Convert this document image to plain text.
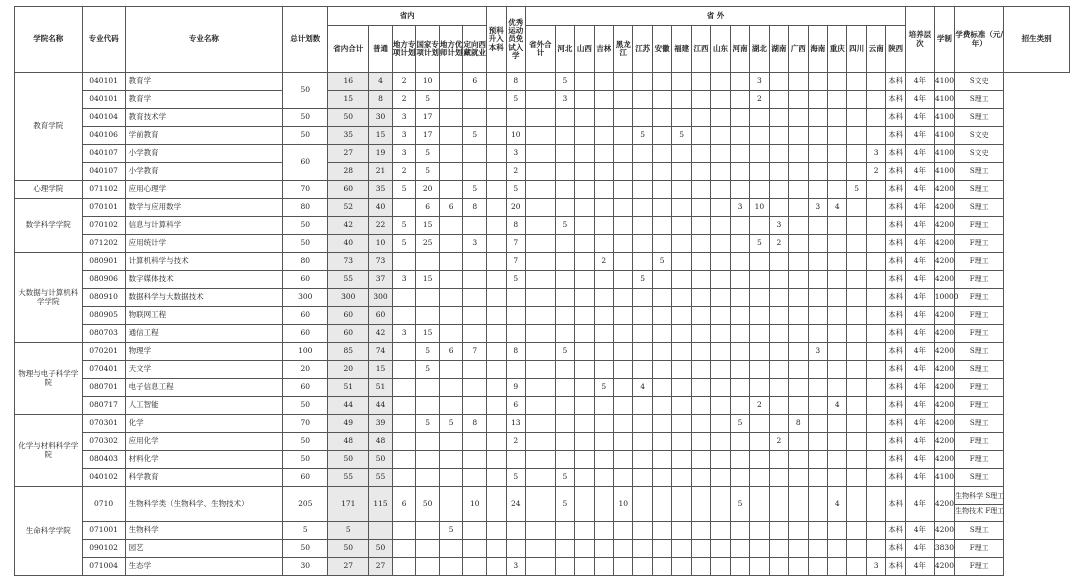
学院名称	专业代码	专业名称	总计划数	省内						预科升入本科	优秀运动员免试入学	省 外																			培养层次	学制	学费标准（元/年）	招生类别
				省内合计	普通	地方专项计划	国家专项计划	地方优师计划	定向西藏就业			省外合计	河北	山西	吉林	黑龙江	江苏	安徽	福建	江西	山东	河南	湖北	湖南	广西	海南	重庆	四川	云南	陕西				
教育学院	040101	教育学	50	16	4	2	10		6		8		5										3							本科	4年	4100	S文史	

	040101	教育学		15	8	2	5				5		3										2							本科	4年	4100	S理工	

	040104	教育技术学	50	50	30	3	17																							本科	4年	4100	S理工	

	040106	学前教育	50	35	15	3	17		5		10						5		5											本科	4年	4100	S文史	

	040107	小学教育	60	27	19	3	5				3																		3	本科	4年	4100	S文史	

	040107	小学教育		28	21	2	5				2																		2	本科	4年	4100	S理工	

心理学院	071102	应用心理学	70	60	35	5	20		5		5																	5		本科	4年	4200	S理工	

数学科学学院	070101	数学与应用数学	80	52	40		6	6	8		20											3	10			3	4			本科	4年	4200	S理工	

	070102	信息与计算科学	50	42	22	5	15				8		5											3						本科	4年	4200	F理工	

	071202	应用统计学	50	40	10	5	25		3		7												5	2						本科	4年	4200	F理工	

大数据与计算机科学学院	080901	计算机科学与技术	80	73	73						7				2			5												本科	4年	4200	F理工	

	080906	数字媒体技术	60	55	37	3	15				5						5													本科	4年	4200	F理工	

	080910	数据科学与大数据技术	300	300	300																									本科	4年	10000	F理工	

	080905	物联网工程	60	60	60																									本科	4年	4200	F理工	

	080703	通信工程	60	60	42	3	15																							本科	4年	4200	F理工	

物理与电子科学学院	070201	物理学	100	85	74		5	6	7		8		5													3				本科	4年	4200	S理工	

	070401	天文学	20	20	15		5																							本科	4年	4200	S理工	

	080701	电子信息工程	60	51	51						9				5		4													本科	4年	4200	F理工	

	080717	人工智能	50	44	44						6												2				4			本科	4年	4200	F理工	

化学与材料科学学院	070301	化学	70	49	39		5	5	8		13											5			8					本科	4年	4200	S理工	

	070302	应用化学	50	48	48						2													2						本科	4年	4200	F理工	

	080403	材料化学	50	50	50																									本科	4年	4200	F理工	

	040102	科学教育	60	55	55						5		5																	本科	4年	4100	S理工	

生命科学学院	0710	生物科学类（生物科学、生物技术）	205	171	115	6	50		10		24		5			10						5					4			本科	4年	4200	生物科学 S理工
生物技术 F理工	

	071001	生物科学	5	5				5																						本科	4年	4200	S理工	

	090102	园艺	50	50	50																									本科	4年	3830	F理工	

	071004	生态学	30	27	27						3																		3	本科	4年	4200	F理工	
